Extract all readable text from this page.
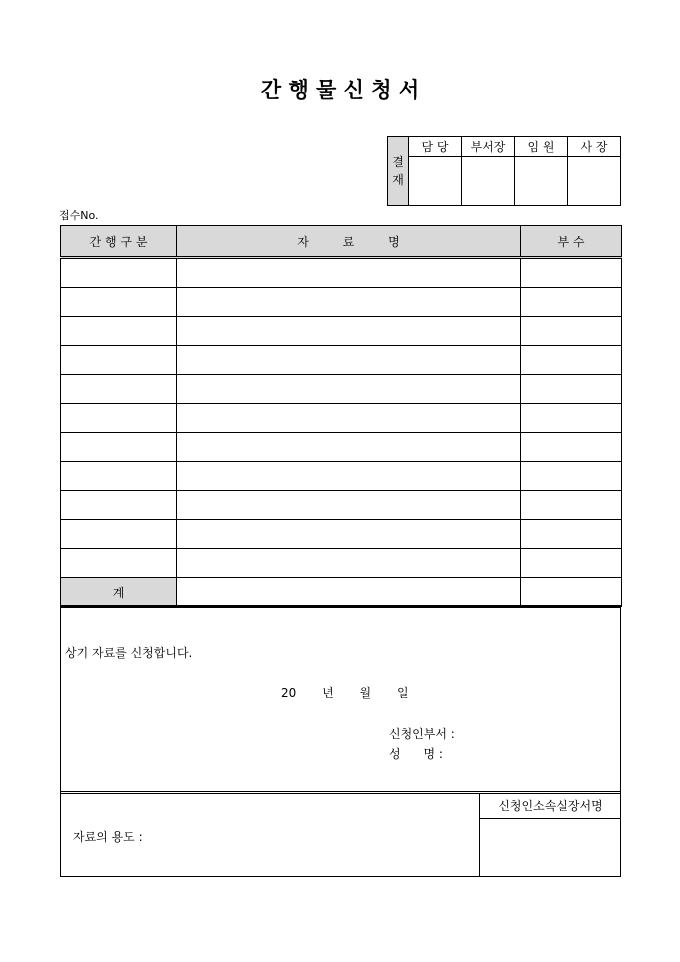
간 행 물 신 청 서
결
재	담 당	부서장	임 원	사 장

접수No.
간 행 구 분	자 료 명	부 수

계		
상기 자료를 신청합니다.
20 년 월 일
신청인부서 :
성      명 :
자료의 용도 :
신청인소속실장서명
